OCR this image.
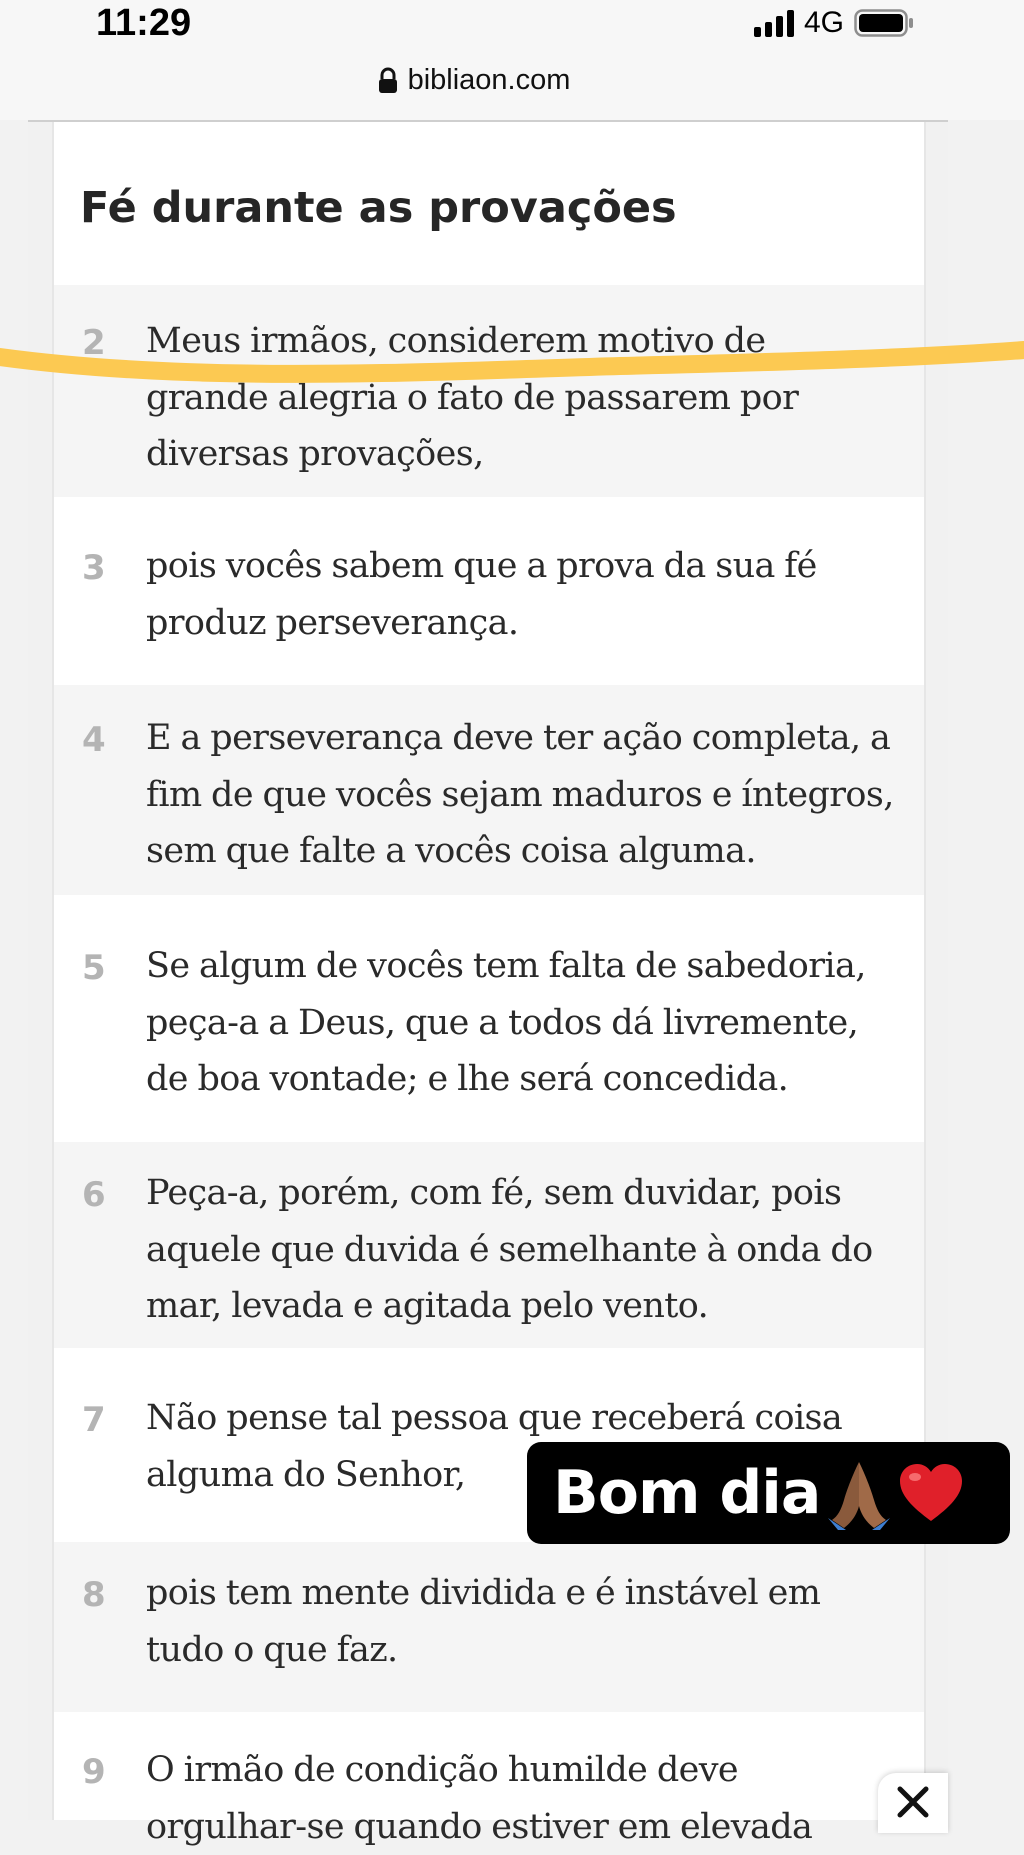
11:29	4G
bibliaon.com
Fé durante as provações
2 Meus irmãos, considerem motivo de
grande alegria o fato de passarem por
diversas provações,

3 pois vocês sabem que a prova da sua fé
produz perseverança.

4 E a perseverança deve ter ação completa, a
fim de que vocês sejam maduros e íntegros,
sem que falte a vocês coisa alguma.

5 Se algum de vocês tem falta de sabedoria,
peça-a a Deus, que a todos dá livremente,
de boa vontade; e lhe será concedida.

6 Peça-a, porém, com fé, sem duvidar, pois
aquele que duvida é semelhante à onda do
mar, levada e agitada pelo vento.

7 Não pense tal pessoa que receberá coisa
alguma do Senhor,

8 pois tem mente dividida e é instável em
tudo o que faz.

9 O irmão de condição humilde deve
orgulhar-se quando estiver em elevada

Bom dia
